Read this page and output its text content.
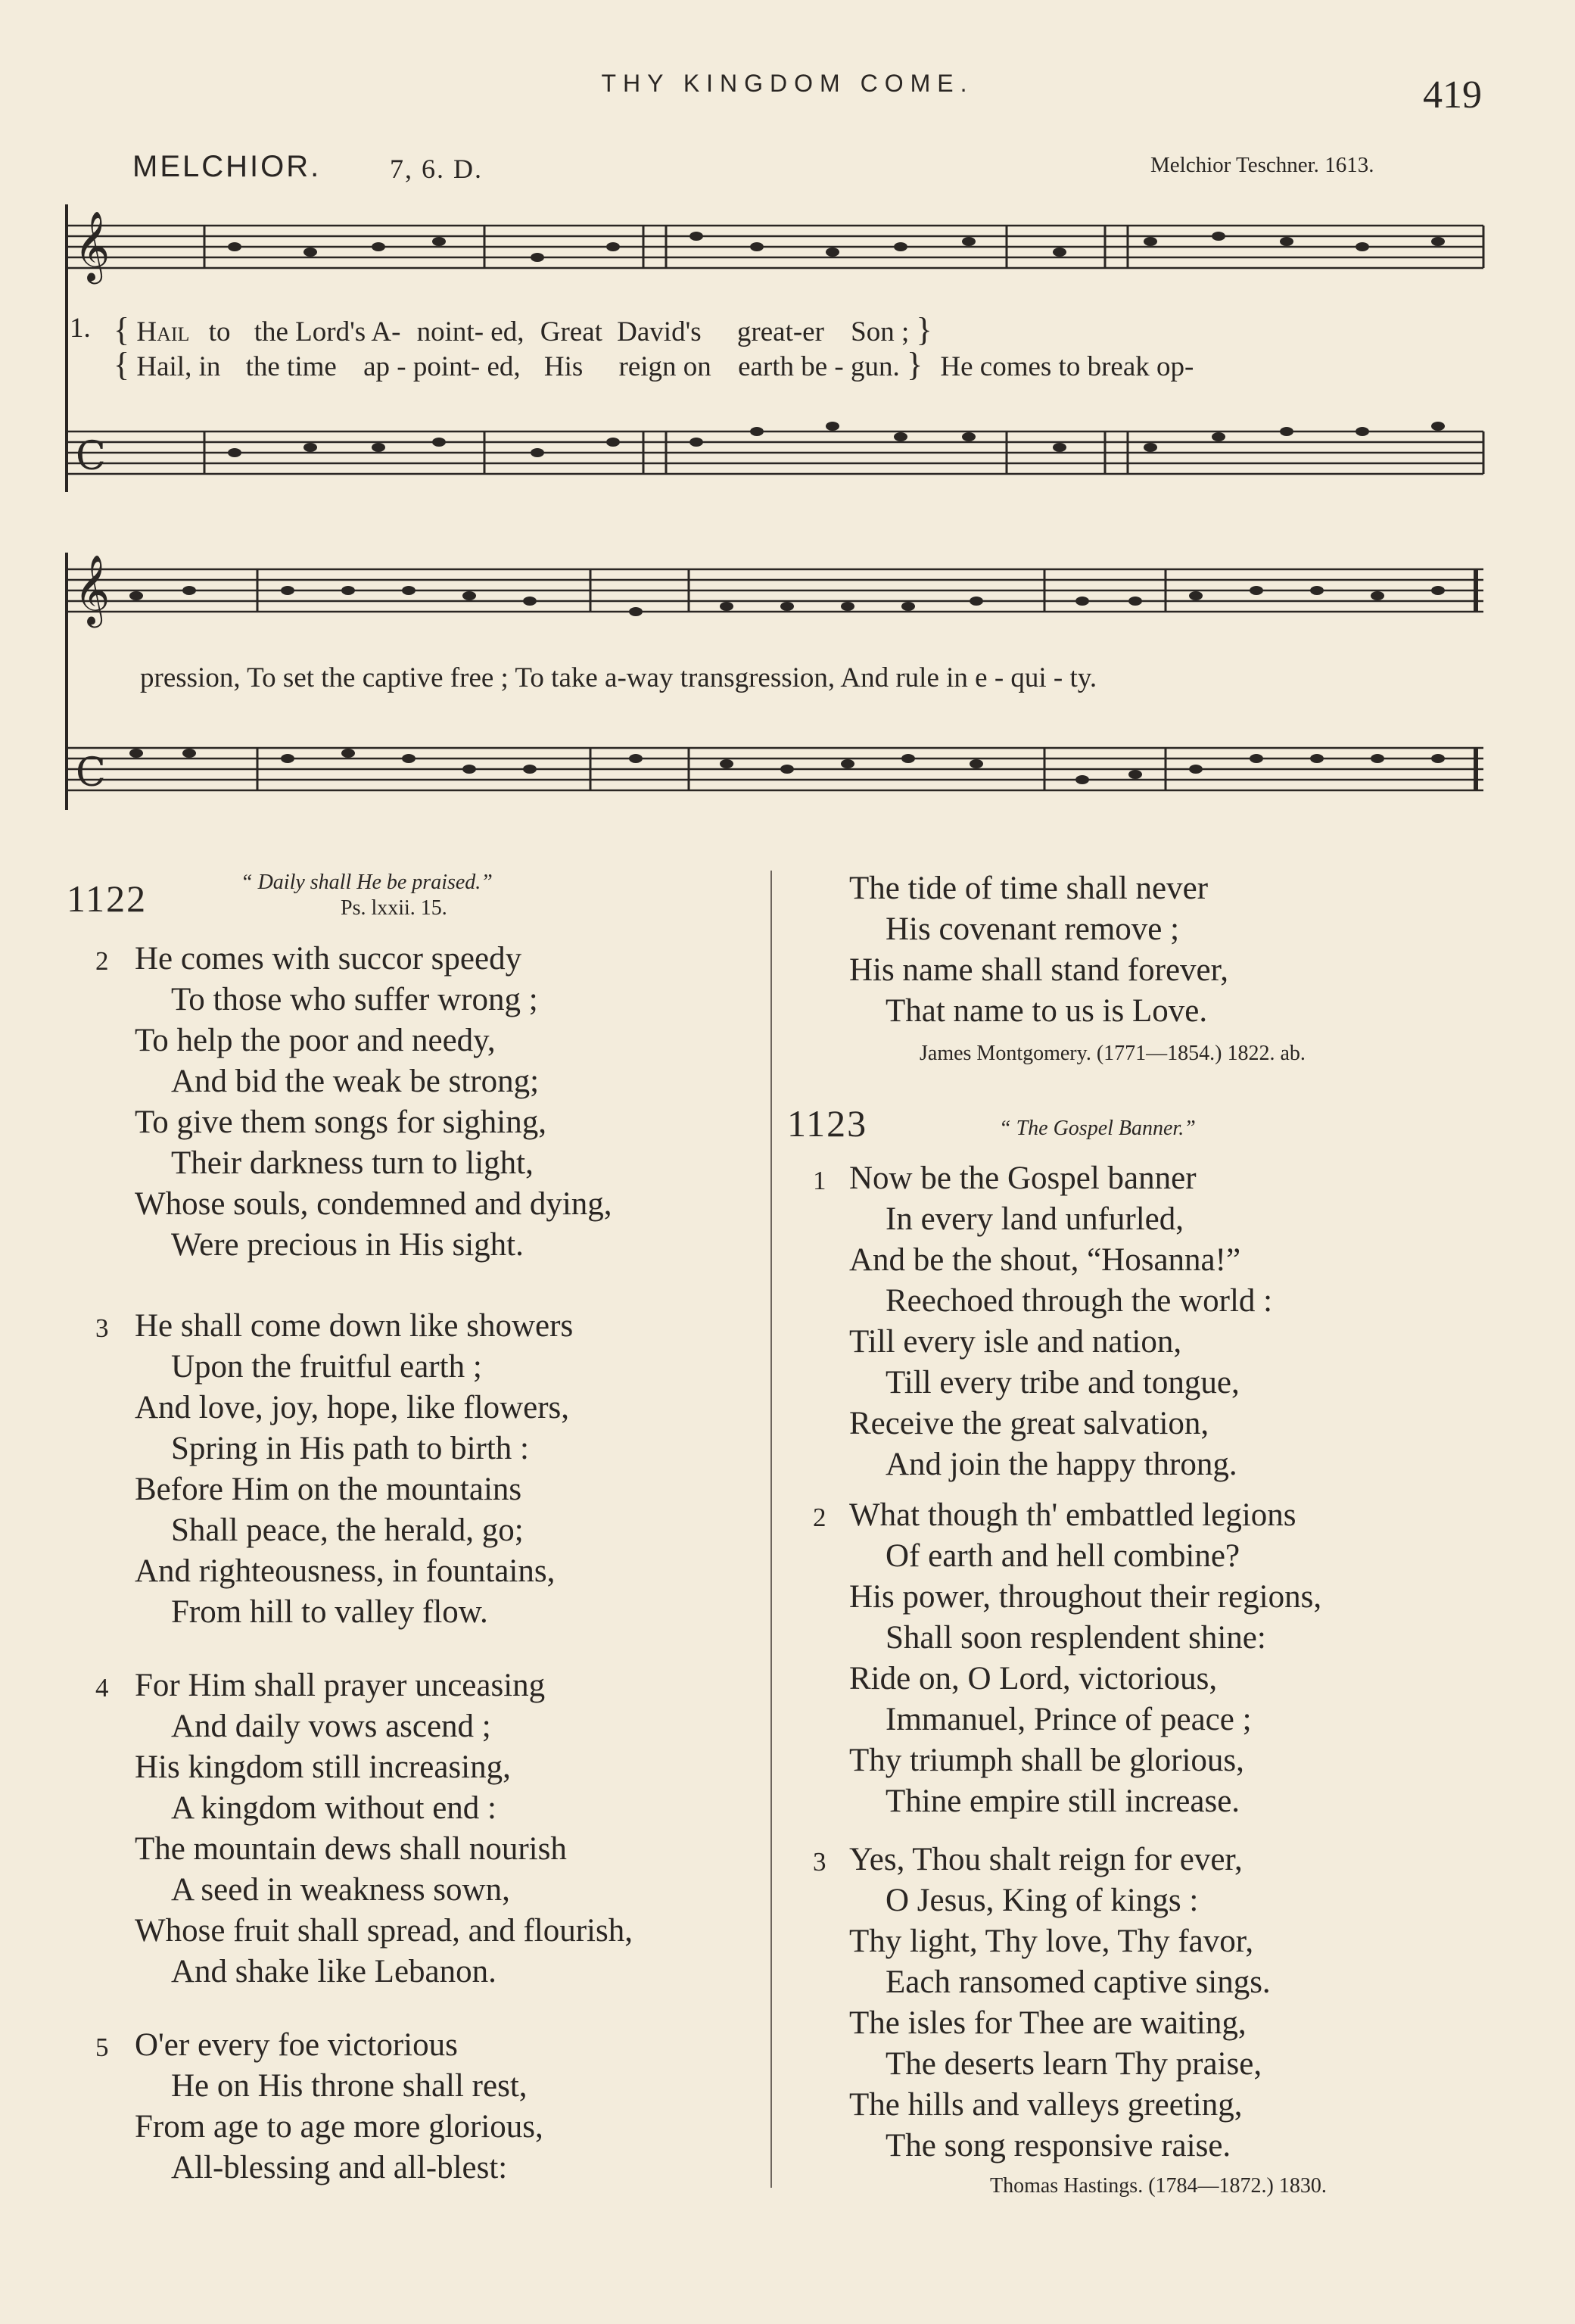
THY KINGDOM COME.	419
MELCHIOR.	7, 6. D.	Melchior Teschner. 1613.
𝄞
𝄞
C
C
1. { Hail to the Lord's A- noint- ed, Great David's great-er Son ; }
{ Hail, in the time ap - point- ed, His reign on earth be - gun. } He comes to break op-
pression, To set the captive free ; To take a-way transgression, And rule in e - qui - ty.
1122	“ Daily shall He be praised.”
Ps. lxxii. 15.
2 He comes with succor speedy
To those who suffer wrong ;
To help the poor and needy,
And bid the weak be strong;
To give them songs for sighing,
Their darkness turn to light,
Whose souls, condemned and dying,
Were precious in His sight.
3 He shall come down like showers
Upon the fruitful earth ;
And love, joy, hope, like flowers,
Spring in His path to birth :
Before Him on the mountains
Shall peace, the herald, go;
And righteousness, in fountains,
From hill to valley flow.
4 For Him shall prayer unceasing
And daily vows ascend ;
His kingdom still increasing,
A kingdom without end :
The mountain dews shall nourish
A seed in weakness sown,
Whose fruit shall spread, and flourish,
And shake like Lebanon.
5 O'er every foe victorious
He on His throne shall rest,
From age to age more glorious,
All-blessing and all-blest:
The tide of time shall never
His covenant remove ;
His name shall stand forever,
That name to us is Love.
James Montgomery. (1771—1854.) 1822. ab.
1123	“ The Gospel Banner.”
1 Now be the Gospel banner
In every land unfurled,
And be the shout, “Hosanna!”
Reechoed through the world :
Till every isle and nation,
Till every tribe and tongue,
Receive the great salvation,
And join the happy throng.
2 What though th' embattled legions
Of earth and hell combine?
His power, throughout their regions,
Shall soon resplendent shine:
Ride on, O Lord, victorious,
Immanuel, Prince of peace ;
Thy triumph shall be glorious,
Thine empire still increase.
3 Yes, Thou shalt reign for ever,
O Jesus, King of kings :
Thy light, Thy love, Thy favor,
Each ransomed captive sings.
The isles for Thee are waiting,
The deserts learn Thy praise,
The hills and valleys greeting,
The song responsive raise.
Thomas Hastings. (1784—1872.) 1830.
